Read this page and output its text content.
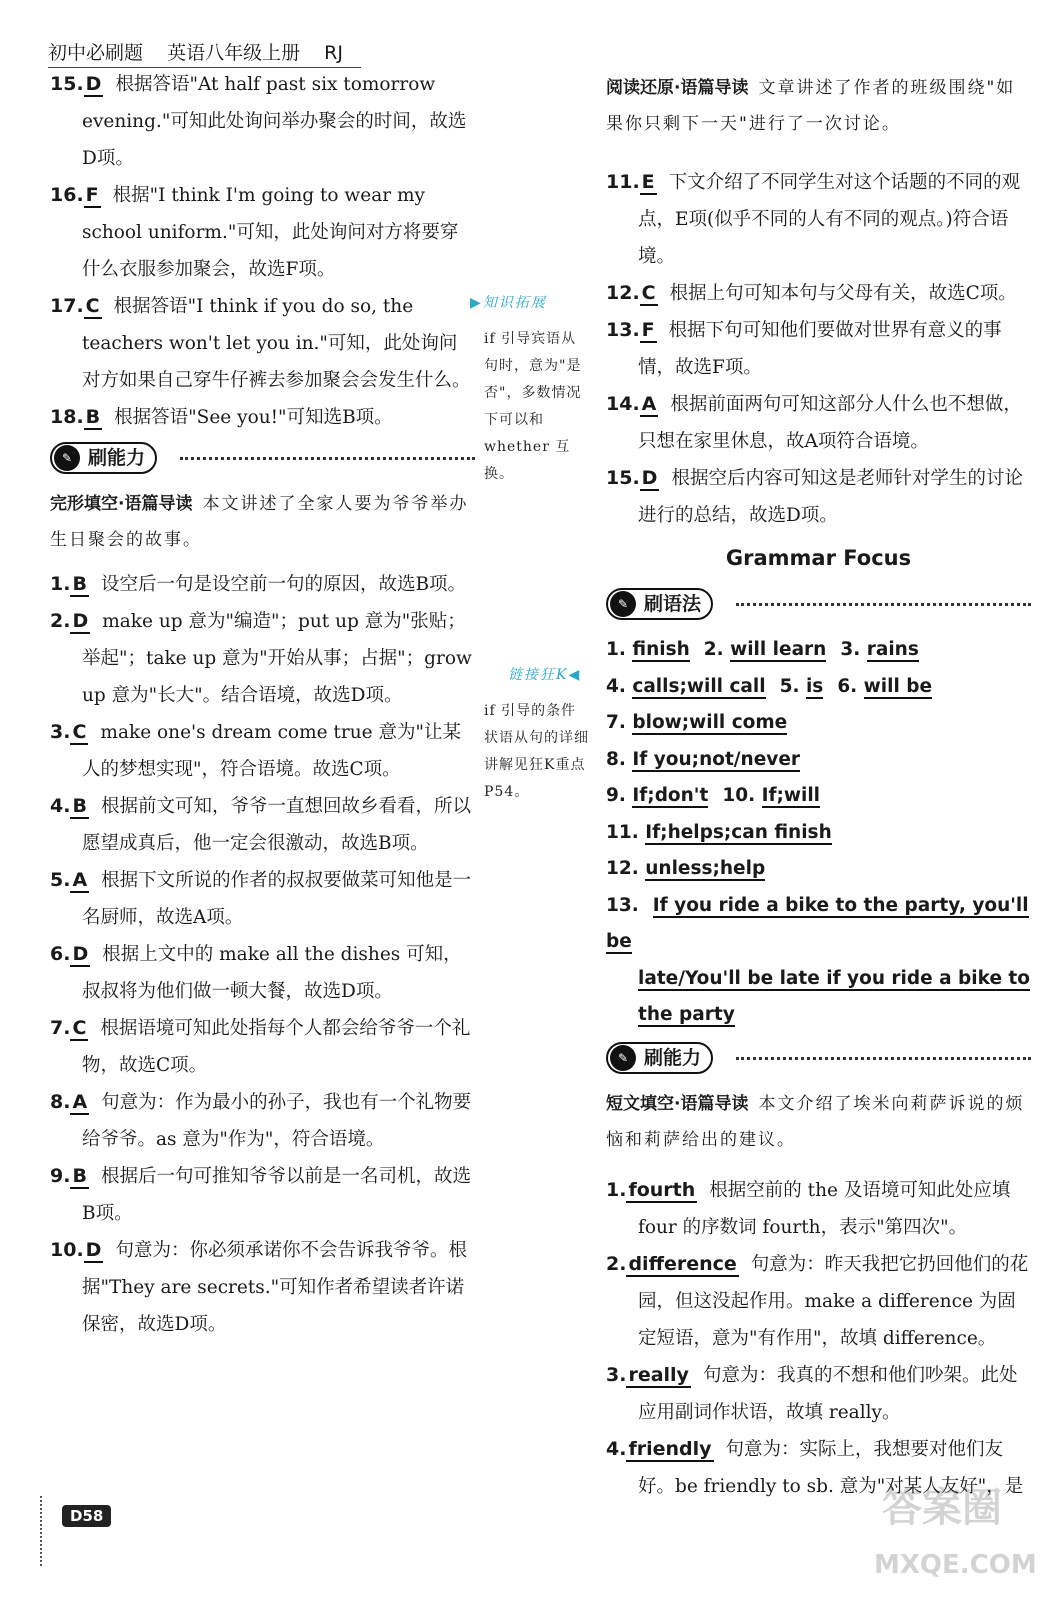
初中必刷题 英语八年级上册 RJ
15. D 根据答语"At half past six tomorrow evening."可知此处询问举办聚会的时间，故选D项。
16. F 根据"I think I'm going to wear my school uniform."可知，此处询问对方将要穿什么衣服参加聚会，故选F项。
17. C 根据答语"I think if you do so, the teachers won't let you in."可知，此处询问对方如果自己穿牛仔裤去参加聚会会发生什么。
18. B 根据答语"See you!"可知选B项。
✎ 刷能力
完形填空·语篇导读 本文讲述了全家人要为爷爷举办生日聚会的故事。
1. B 设空后一句是设空前一句的原因，故选B项。
2. D make up 意为"编造"；put up 意为"张贴；举起"；take up 意为"开始从事；占据"；grow up 意为"长大"。结合语境，故选D项。
3. C make one's dream come true 意为"让某人的梦想实现"，符合语境。故选C项。
4. B 根据前文可知，爷爷一直想回故乡看看，所以愿望成真后，他一定会很激动，故选B项。
5. A 根据下文所说的作者的叔叔要做菜可知他是一名厨师，故选A项。
6. D 根据上文中的 make all the dishes 可知，叔叔将为他们做一顿大餐，故选D项。
7. C 根据语境可知此处指每个人都会给爷爷一个礼物，故选C项。
8. A 句意为：作为最小的孙子，我也有一个礼物要给爷爷。as 意为"作为"，符合语境。
9. B 根据后一句可推知爷爷以前是一名司机，故选B项。
10. D 句意为：你必须承诺你不会告诉我爷爷。根据"They are secrets."可知作者希望读者许诺保密，故选D项。
▶知识拓展
if 引导宾语从句时，意为"是否"，多数情况下可以和 whether 互换。
链接狂K◀
if 引导的条件状语从句的详细讲解见狂K重点 P54。
阅读还原·语篇导读 文章讲述了作者的班级围绕"如果你只剩下一天"进行了一次讨论。
11. E 下文介绍了不同学生对这个话题的不同的观点，E项(似乎不同的人有不同的观点。)符合语境。
12. C 根据上句可知本句与父母有关，故选C项。
13. F 根据下句可知他们要做对世界有意义的事情，故选F项。
14. A 根据前面两句可知这部分人什么也不想做，只想在家里休息，故A项符合语境。
15. D 根据空后内容可知这是老师针对学生的讨论进行的总结，故选D项。
Grammar Focus
✎ 刷语法
1. finish 2. will learn 3. rains
4. calls;will call 5. is 6. will be
7. blow;will come
8. If you;not/never
9. If;don't 10. If;will
11. If;helps;can finish
12. unless;help
13. If you ride a bike to the party, you'll be
late/You'll be late if you ride a bike to
the party
✎ 刷能力
短文填空·语篇导读 本文介绍了埃米向莉萨诉说的烦恼和莉萨给出的建议。
1. fourth 根据空前的 the 及语境可知此处应填 four 的序数词 fourth，表示"第四次"。
2. difference 句意为：昨天我把它扔回他们的花园，但这没起作用。make a difference 为固定短语，意为"有作用"，故填 difference。
3. really 句意为：我真的不想和他们吵架。此处应用副词作状语，故填 really。
4. friendly 句意为：实际上，我想要对他们友好。be friendly to sb. 意为"对某人友好"，是
D58	答案圈
MXQE.COM
